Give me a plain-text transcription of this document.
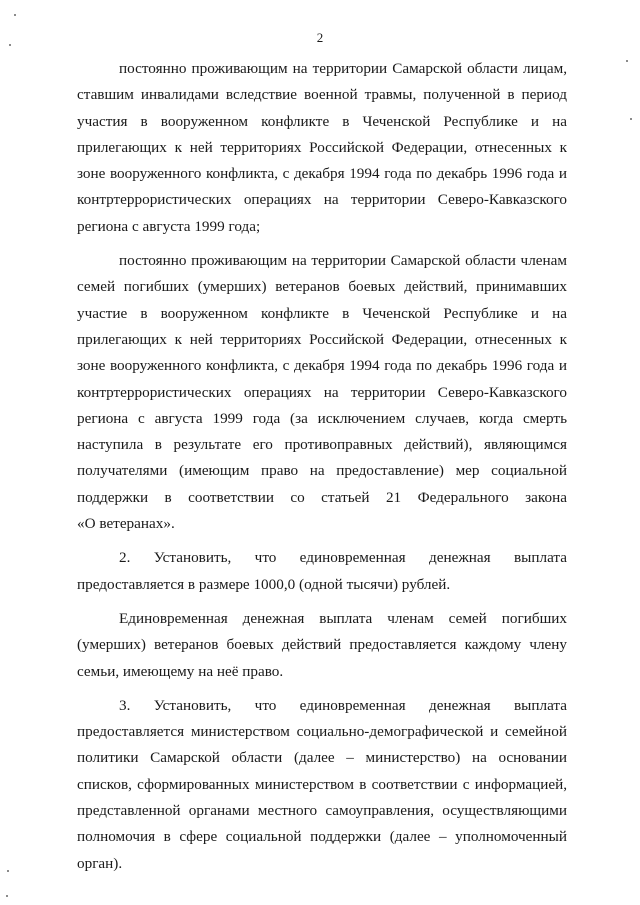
2
постоянно проживающим на территории Самарской области лицам,
ставшим инвалидами вследствие военной травмы, полученной в период
участия в вооруженном конфликте в Чеченской Республике и на
прилегающих к ней территориях Российской Федерации, отнесенных к
зоне вооруженного конфликта, с декабря 1994 года по декабрь 1996 года и
контртеррористических операциях на территории Северо-Кавказского
региона с августа 1999 года;
постоянно проживающим на территории Самарской области членам
семей погибших (умерших) ветеранов боевых действий, принимавших
участие в вооруженном конфликте в Чеченской Республике и на
прилегающих к ней территориях Российской Федерации, отнесенных к
зоне вооруженного конфликта, с декабря 1994 года по декабрь 1996 года и
контртеррористических операциях на территории Северо-Кавказского
региона с августа 1999 года (за исключением случаев, когда смерть
наступила в результате его противоправных действий), являющимся
получателями (имеющим право на предоставление) мер социальной
поддержки в соответствии со статьей 21 Федерального закона
«О ветеранах».
2. Установить, что единовременная денежная выплата
предоставляется в размере 1000,0 (одной тысячи) рублей.
Единовременная денежная выплата членам семей погибших
(умерших) ветеранов боевых действий предоставляется каждому члену
семьи, имеющему на неё право.
3. Установить, что единовременная денежная выплата
предоставляется министерством социально-демографической и семейной
политики Самарской области (далее – министерство) на основании
списков, сформированных министерством в соответствии с информацией,
представленной органами местного самоуправления, осуществляющими
полномочия в сфере социальной поддержки (далее – уполномоченный
орган).
